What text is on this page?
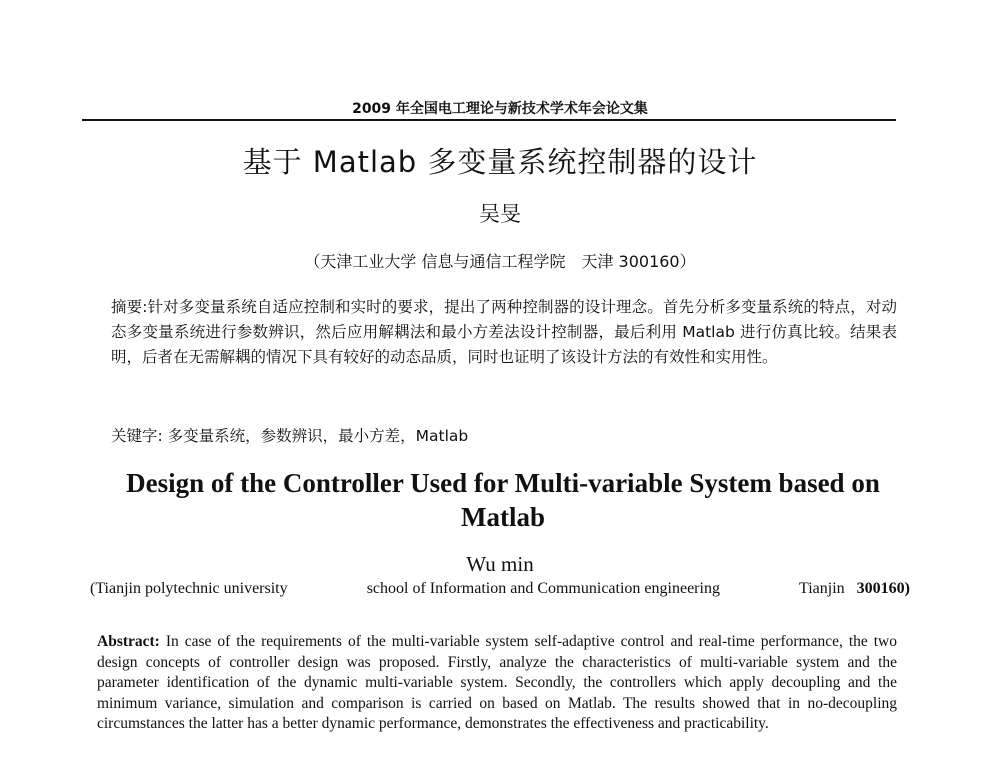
2009 年全国电工理论与新技术学术年会论文集
基于 Matlab 多变量系统控制器的设计
吴旻
（天津工业大学 信息与通信工程学院　天津 300160）
摘要:针对多变量系统自适应控制和实时的要求，提出了两种控制器的设计理念。首先分析多变量系统的特点，对动态多变量系统进行参数辨识，然后应用解耦法和最小方差法设计控制器，最后利用 Matlab 进行仿真比较。结果表明，后者在无需解耦的情况下具有较好的动态品质，同时也证明了该设计方法的有效性和实用性。
关键字: 多变量系统，参数辨识，最小方差，Matlab
Design of the Controller Used for Multi-variable System based on Matlab
Wu min
(Tianjin polytechnic university	school of Information and Communication engineering	Tianjin 300160)
Abstract: In case of the requirements of the multi-variable system self-adaptive control and real-time performance, the two design concepts of controller design was proposed. Firstly, analyze the characteristics of multi-variable system and the parameter identification of the dynamic multi-variable system. Secondly, the controllers which apply decoupling and the minimum variance, simulation and comparison is carried on based on Matlab. The results showed that in no-decoupling circumstances the latter has a better dynamic performance, demonstrates the effectiveness and practicability.
